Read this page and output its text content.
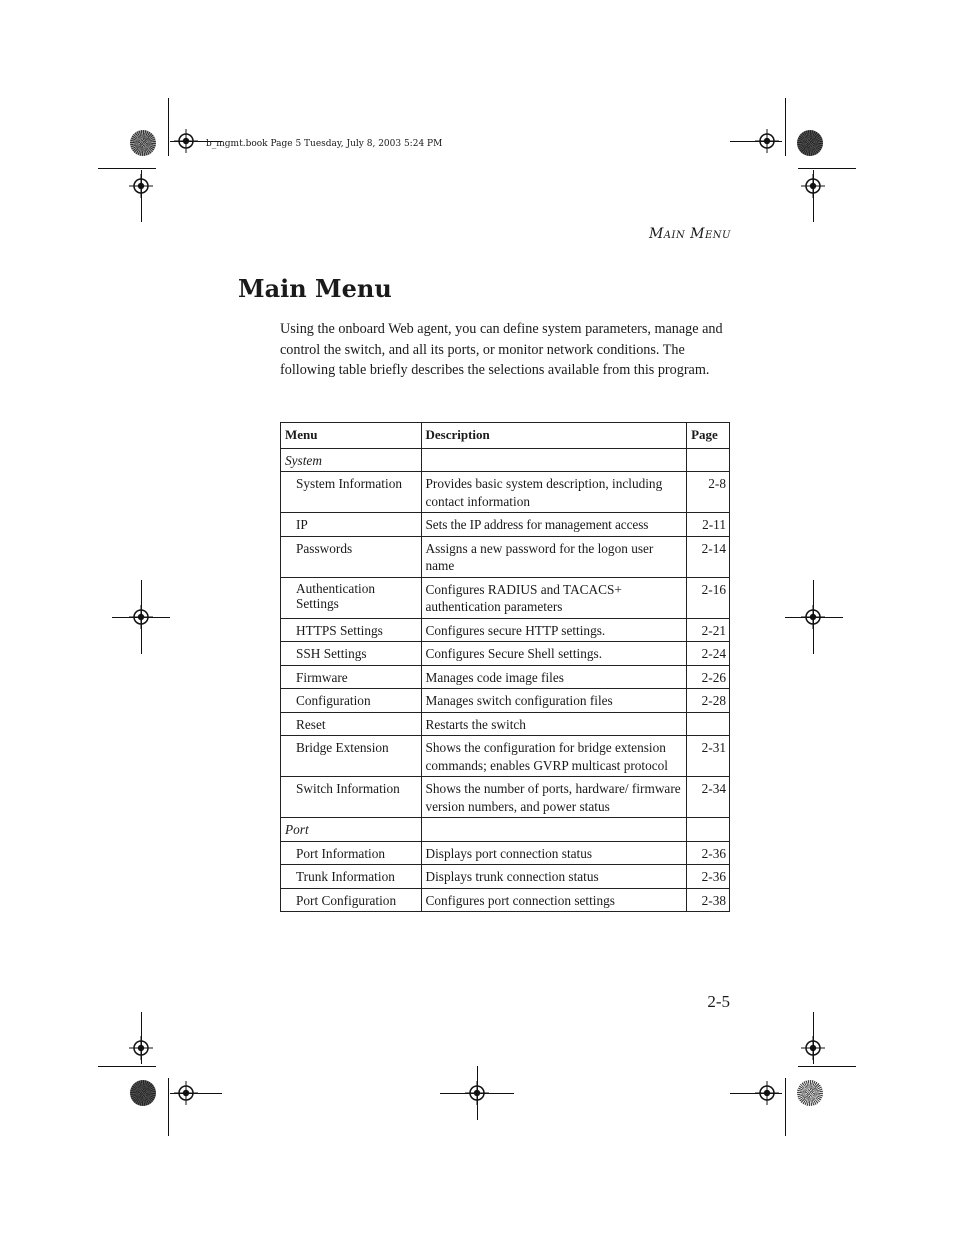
b_mgmt.book Page 5 Tuesday, July 8, 2003 5:24 PM
Main Menu
Main Menu

Using the onboard Web agent, you can define system parameters, manage and control the switch, and all its ports, or monitor network conditions. The following table briefly describes the selections available from this program.

Menu	Description	Page
System		
System Information	Provides basic system description, including contact information	2-8
IP	Sets the IP address for management access	2-11
Passwords	Assigns a new password for the logon user name	2-14
Authentication Settings	Configures RADIUS and TACACS+ authentication parameters	2-16
HTTPS Settings	Configures secure HTTP settings.	2-21
SSH Settings	Configures Secure Shell settings.	2-24
Firmware	Manages code image files	2-26
Configuration	Manages switch configuration files	2-28
Reset	Restarts the switch	
Bridge Extension	Shows the configuration for bridge extension commands; enables GVRP multicast protocol	2-31
Switch Information	Shows the number of ports, hardware/ firmware version numbers, and power status	2-34
Port		
Port Information	Displays port connection status	2-36
Trunk Information	Displays trunk connection status	2-36
Port Configuration	Configures port connection settings	2-38
2-5
